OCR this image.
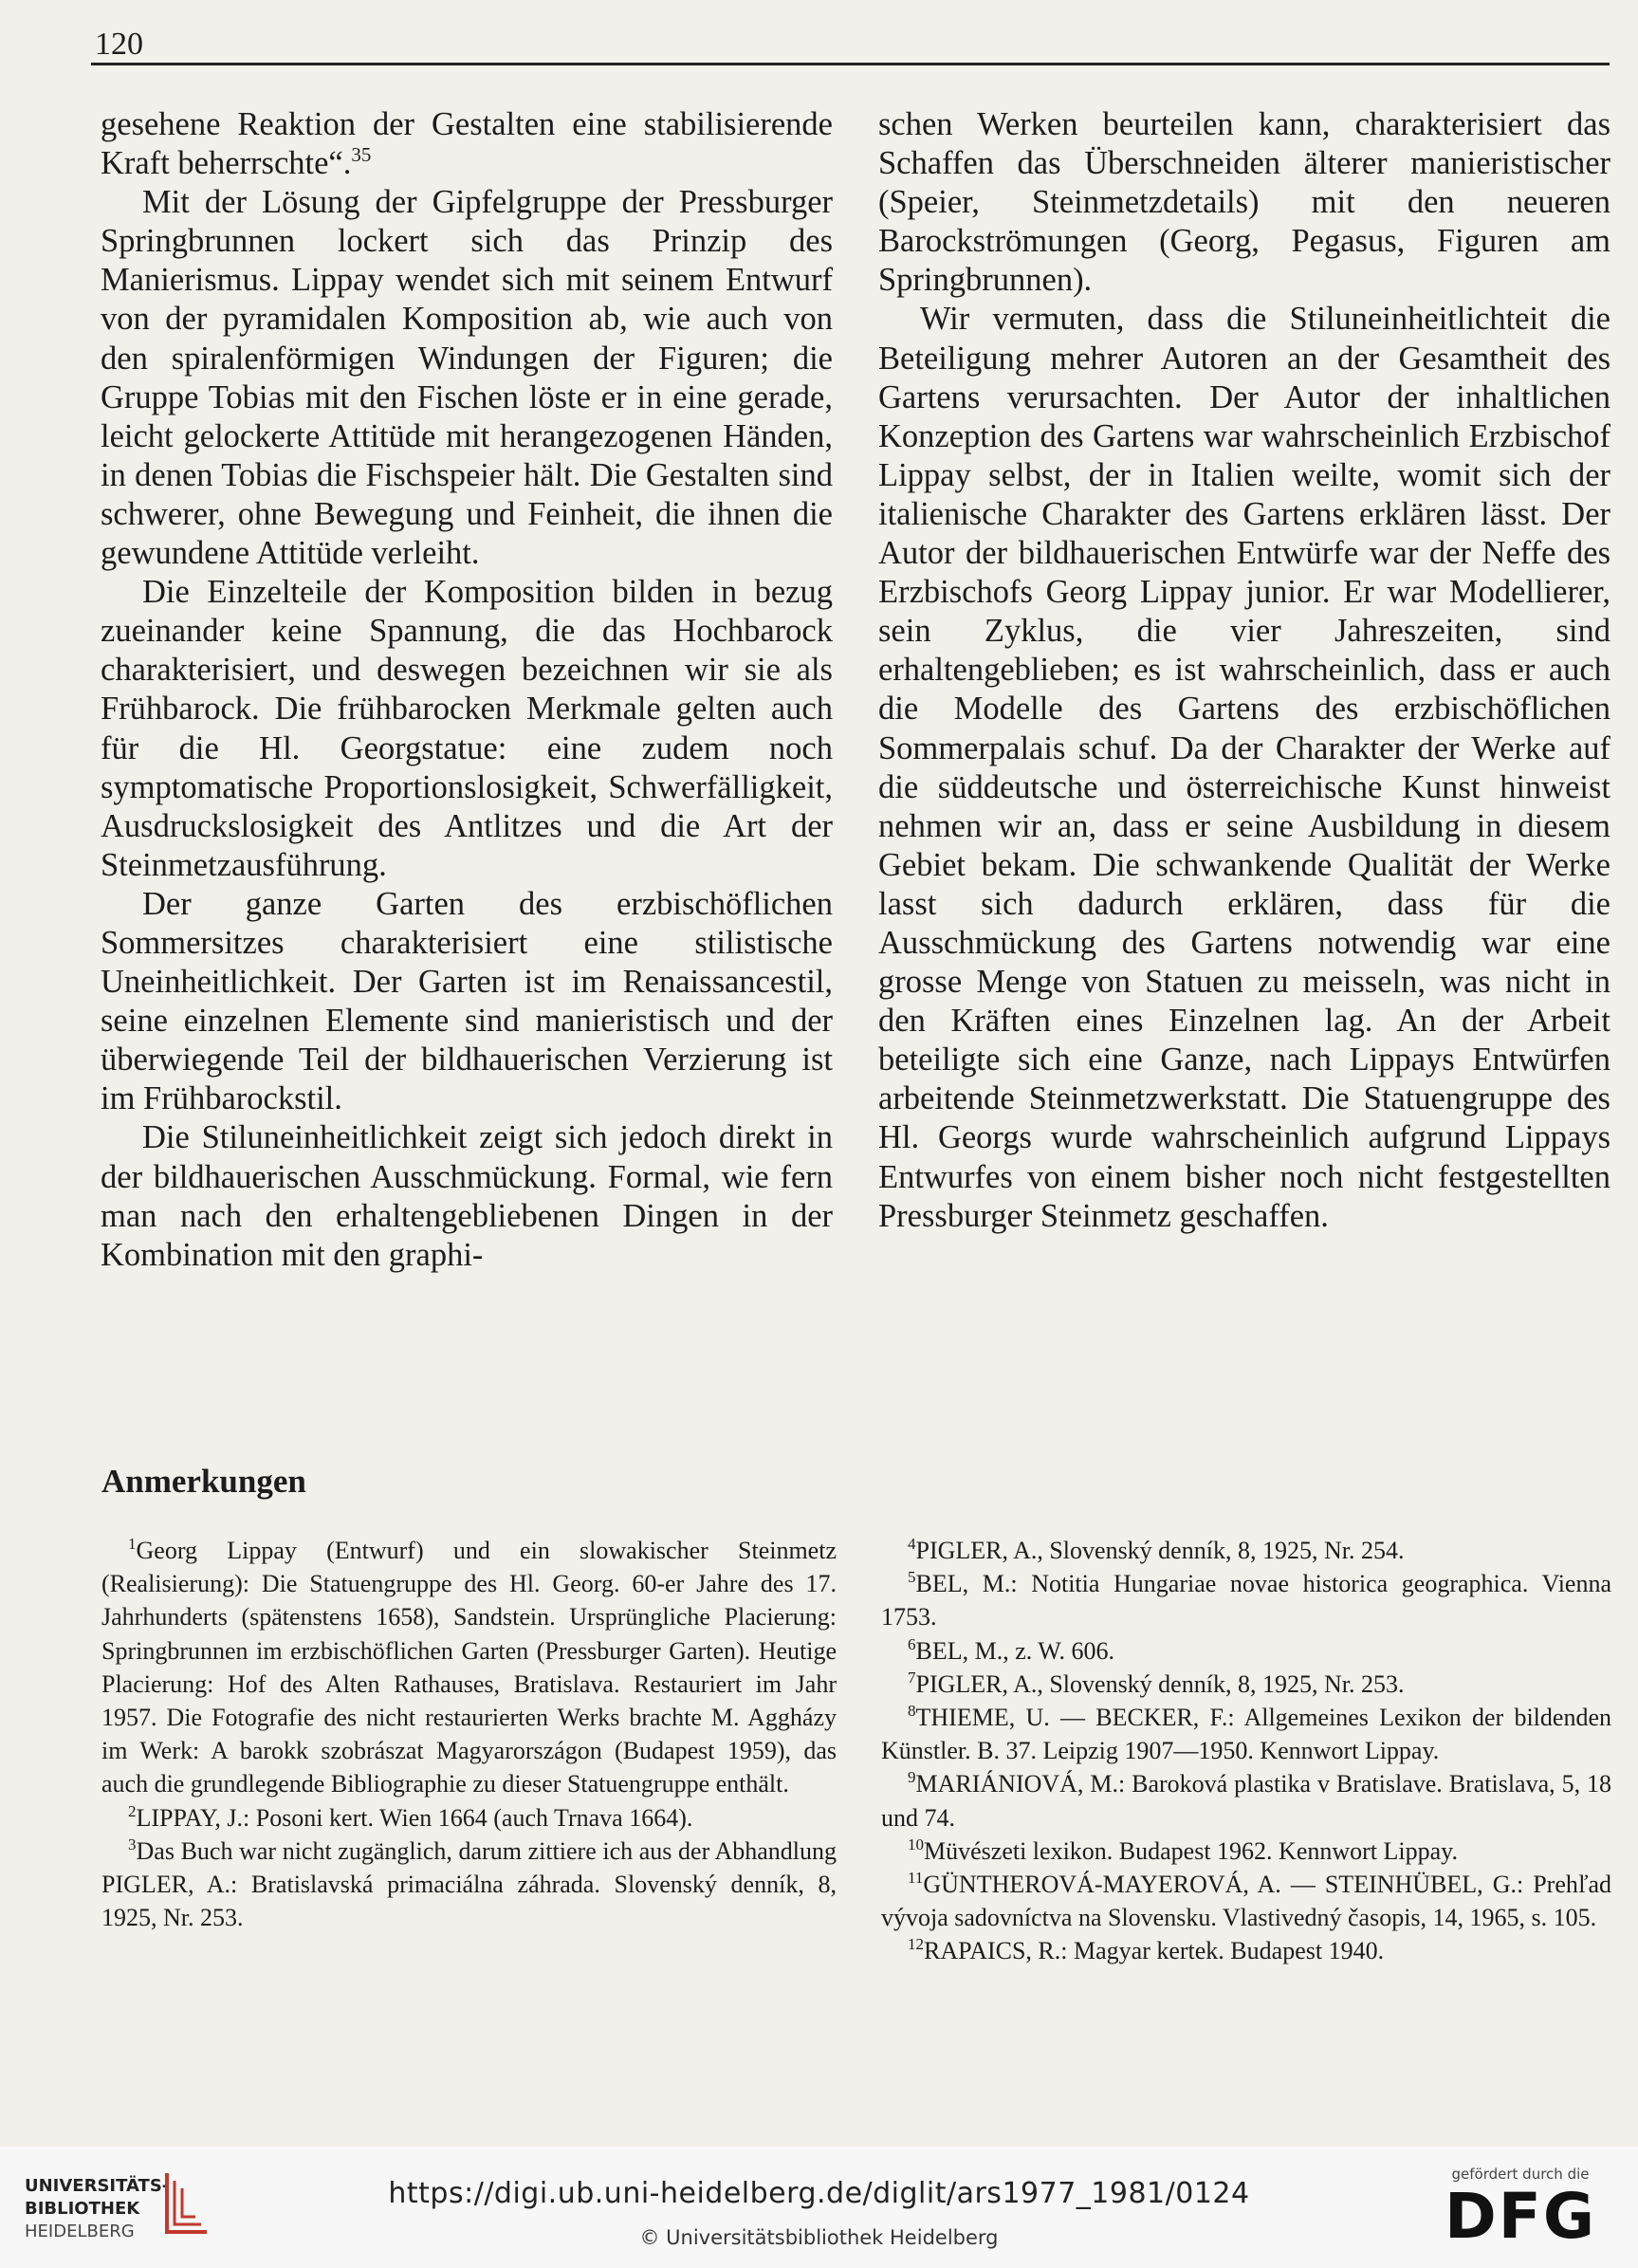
120

gesehene Reaktion der Gestalten eine stabilisierende Kraft beherrschte“.$^{35}$

Mit der Lösung der Gipfelgruppe der Pressburger Springbrunnen lockert sich das Prinzip des Manierismus. Lippay wendet sich mit seinem Entwurf von der pyramidalen Komposition ab, wie auch von den spiralenförmigen Windungen der Figuren; die Gruppe Tobias mit den Fischen löste er in eine gerade, leicht gelockerte Attitüde mit herangezogenen Händen, in denen Tobias die Fischspeier hält. Die Gestalten sind schwerer, ohne Bewegung und Feinheit, die ihnen die gewundene Attitüde verleiht.

Die Einzelteile der Komposition bilden in bezug zueinander keine Spannung, die das Hochbarock charakterisiert, und deswegen bezeichnen wir sie als Frühbarock. Die frühbarocken Merkmale gelten auch für die Hl. Georgstatue: eine zudem noch symptomatische Proportionslosigkeit, Schwerfälligkeit, Ausdruckslosigkeit des Antlitzes und die Art der Steinmetzausführung.

Der ganze Garten des erzbischöflichen Sommersitzes charakterisiert eine stilistische Uneinheitlichkeit. Der Garten ist im Renaissancestil, seine einzelnen Elemente sind manieristisch und der überwiegende Teil der bildhauerischen Verzierung ist im Frühbarockstil.

Die Stiluneinheitlichkeit zeigt sich jedoch direkt in der bildhauerischen Ausschmückung. Formal, wie fern man nach den erhaltengebliebenen Dingen in der Kombination mit den graphi-

schen Werken beurteilen kann, charakterisiert das Schaffen das Überschneiden älterer manieristischer (Speier, Steinmetzdetails) mit den neueren Barockströmungen (Georg, Pegasus, Figuren am Springbrunnen).

Wir vermuten, dass die Stiluneinheitlichteit die Beteiligung mehrer Autoren an der Gesamtheit des Gartens verursachten. Der Autor der inhaltlichen Konzeption des Gartens war wahrscheinlich Erzbischof Lippay selbst, der in Italien weilte, womit sich der italienische Charakter des Gartens erklären lässt. Der Autor der bildhauerischen Entwürfe war der Neffe des Erzbischofs Georg Lippay junior. Er war Modellierer, sein Zyklus, die vier Jahreszeiten, sind erhaltengeblieben; es ist wahrscheinlich, dass er auch die Modelle des Gartens des erzbischöflichen Sommerpalais schuf. Da der Charakter der Werke auf die süddeutsche und österreichische Kunst hinweist nehmen wir an, dass er seine Ausbildung in diesem Gebiet bekam. Die schwankende Qualität der Werke lasst sich dadurch erklären, dass für die Ausschmückung des Gartens notwendig war eine grosse Menge von Statuen zu meisseln, was nicht in den Kräften eines Einzelnen lag. An der Arbeit beteiligte sich eine Ganze, nach Lippays Entwürfen arbeitende Steinmetzwerkstatt. Die Statuengruppe des Hl. Georgs wurde wahrscheinlich aufgrund Lippays Entwurfes von einem bisher noch nicht festgestellten Pressburger Steinmetz geschaffen.

Anmerkungen

$^1$Georg Lippay (Entwurf) und ein slowakischer Steinmetz (Realisierung): Die Statuengruppe des Hl. Georg. 60-er Jahre des 17. Jahrhunderts (spätenstens 1658), Sandstein. Ursprüngliche Placierung: Springbrunnen im erzbischöflichen Garten (Pressburger Garten). Heutige Placierung: Hof des Alten Rathauses, Bratislava. Restauriert im Jahr 1957. Die Fotografie des nicht restaurierten Werks brachte M. Aggházy im Werk: A barokk szobrászat Magyarországon (Budapest 1959), das auch die grundlegende Bibliographie zu dieser Statuengruppe enthält.

$^2$LIPPAY, J.: Posoni kert. Wien 1664 (auch Trnava 1664).

$^3$Das Buch war nicht zugänglich, darum zittiere ich aus der Abhandlung PIGLER, A.: Bratislavská primaciálna záhrada. Slovenský denník, 8, 1925, Nr. 253.

$^4$PIGLER, A., Slovenský denník, 8, 1925, Nr. 254.

$^5$BEL, M.: Notitia Hungariae novae historica geographica. Vienna 1753.

$^6$BEL, M., z. W. 606.

$^7$PIGLER, A., Slovenský denník, 8, 1925, Nr. 253.

$^8$THIEME, U. — BECKER, F.: Allgemeines Lexikon der bildenden Künstler. B. 37. Leipzig 1907—1950. Kennwort Lippay.

$^9$MARIÁNIOVÁ, M.: Baroková plastika v Bratislave. Bratislava, 5, 18 und 74.

$^{10}$Müvészeti lexikon. Budapest 1962. Kennwort Lippay.

$^{11}$GÜNTHEROVÁ-MAYEROVÁ, A. — STEINHÜBEL, G.: Prehľad vývoja sadovníctva na Slovensku. Vlastivedný časopis, 14, 1965, s. 105.

$^{12}$RAPAICS, R.: Magyar kertek. Budapest 1940.

UNIVERSITÄTS-
BIBLIOTHEK
HEIDELBERG
https://digi.ub.uni-heidelberg.de/diglit/ars1977_1981/0124
© Universitätsbibliothek Heidelberg
gefördert durch die
DFG
